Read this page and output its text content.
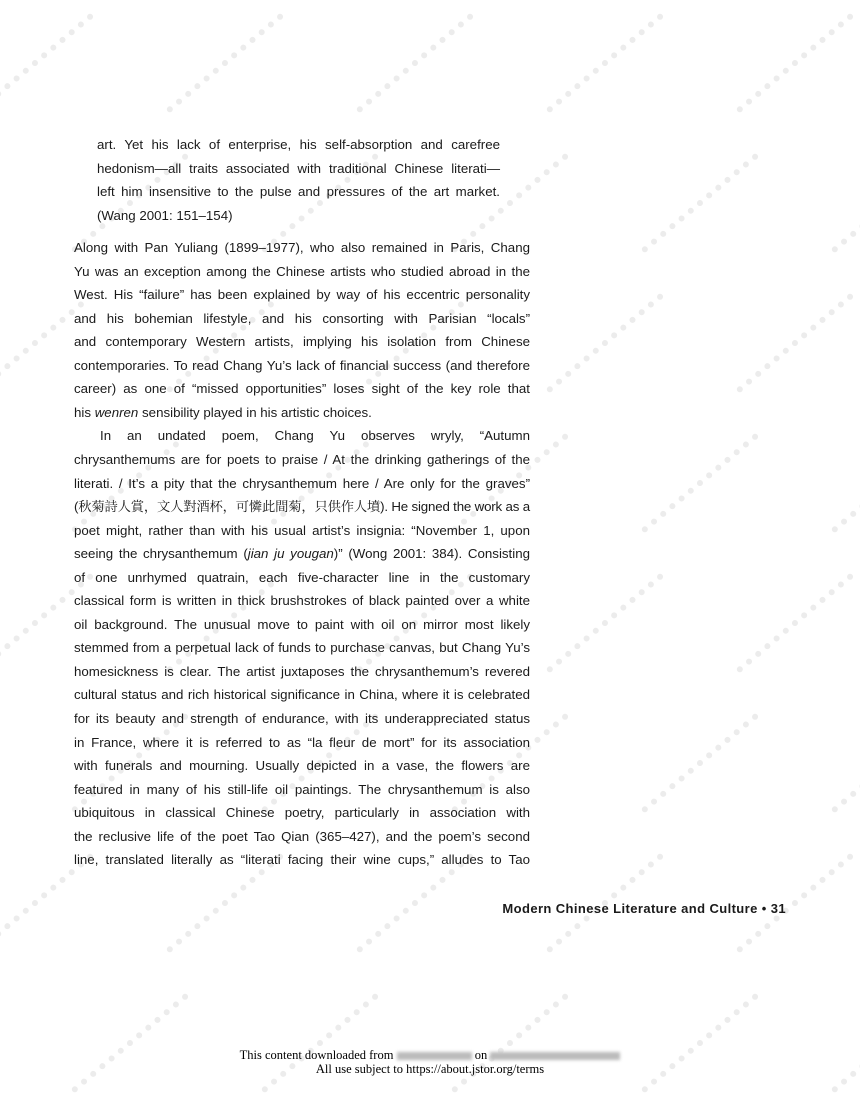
art. Yet his lack of enterprise, his self-absorption and carefree
hedonism—all traits associated with traditional Chinese literati—
left him insensitive to the pulse and pressures of the art market.
(Wang 2001: 151–154)
Along with Pan Yuliang (1899–1977), who also remained in Paris, Chang
Yu was an exception among the Chinese artists who studied abroad in the
West. His “failure” has been explained by way of his eccentric personality
and his bohemian lifestyle, and his consorting with Parisian “locals”
and contemporary Western artists, implying his isolation from Chinese
contemporaries. To read Chang Yu’s lack of financial success (and therefore
career) as one of “missed opportunities” loses sight of the key role that
his wenren sensibility played in his artistic choices.
In an undated poem, Chang Yu observes wryly, “Autumn
chrysanthemums are for poets to praise / At the drinking gatherings of the
literati. / It’s a pity that the chrysanthemum here / Are only for the graves”
(秋菊詩人賞，文人對酒杯，可憐此間菊，只供作人墳). He signed the work as a
poet might, rather than with his usual artist’s insignia: “November 1, upon
seeing the chrysanthemum (jian ju yougan)” (Wong 2001: 384). Consisting
of one unrhymed quatrain, each five-character line in the customary
classical form is written in thick brushstrokes of black painted over a white
oil background. The unusual move to paint with oil on mirror most likely
stemmed from a perpetual lack of funds to purchase canvas, but Chang Yu’s
homesickness is clear. The artist juxtaposes the chrysanthemum’s revered
cultural status and rich historical significance in China, where it is celebrated
for its beauty and strength of endurance, with its underappreciated status
in France, where it is referred to as “la fleur de mort” for its association
with funerals and mourning. Usually depicted in a vase, the flowers are
featured in many of his still-life oil paintings. The chrysanthemum is also
ubiquitous in classical Chinese poetry, particularly in association with
the reclusive life of the poet Tao Qian (365–427), and the poem’s second
line, translated literally as “literati facing their wine cups,” alludes to Tao
Modern Chinese Literature and Culture • 31
This content downloaded from	on
All use subject to https://about.jstor.org/terms
